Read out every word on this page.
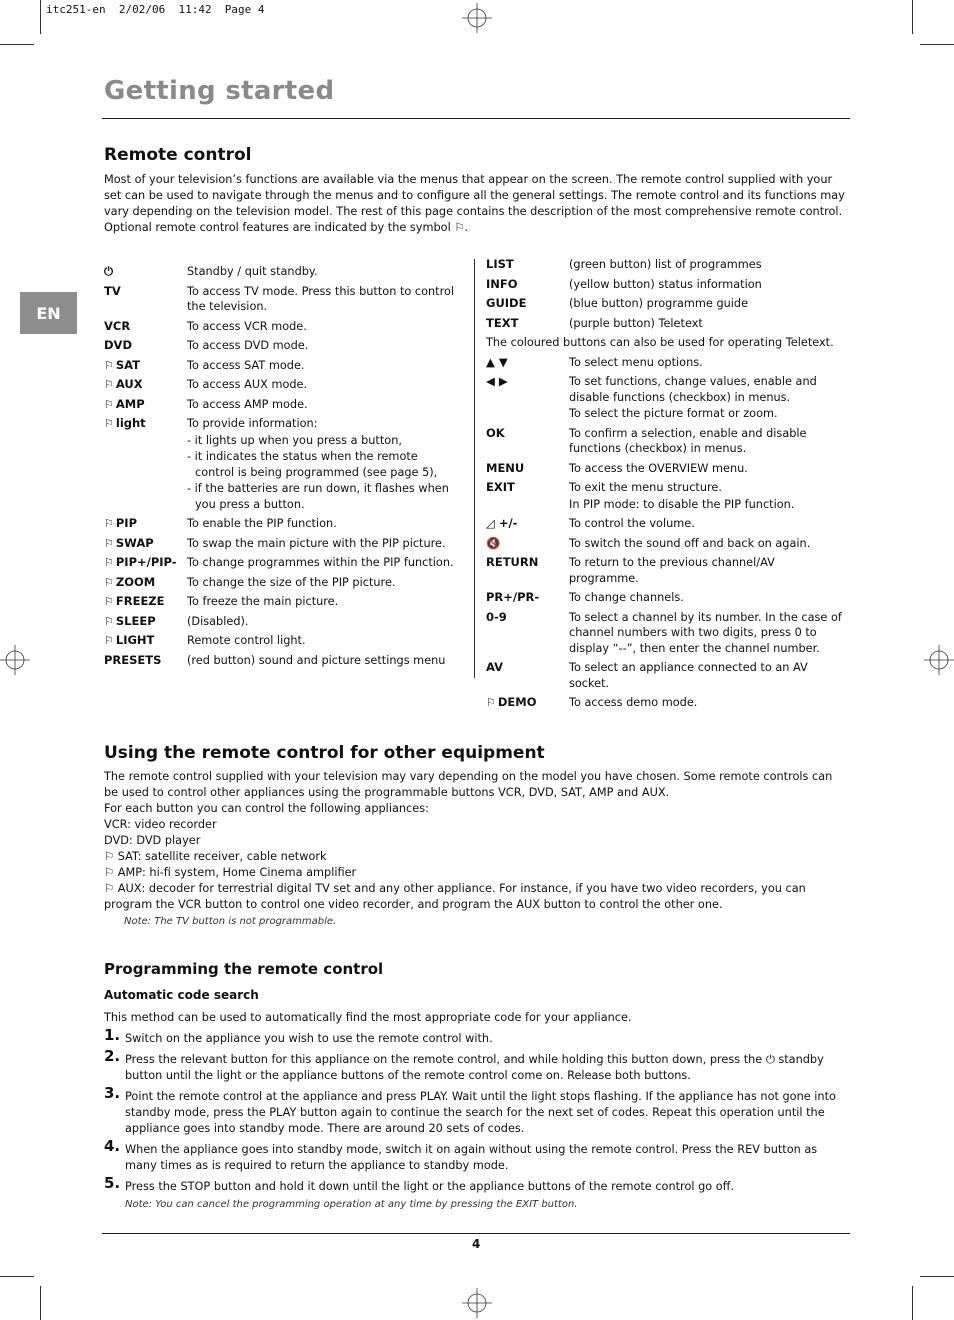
itc251-en  2/02/06  11:42  Page 4
Getting started
EN
Remote control
Most of your television’s functions are available via the menus that appear on the screen. The remote control supplied with your set can be used to navigate through the menus and to configure all the general settings. The remote control and its functions may vary depending on the television model. The rest of this page contains the description of the most comprehensive remote control. Optional remote control features are indicated by the symbol ⚐.
⏻	Standby / quit standby.
TV	To access TV mode. Press this button to control the television.
VCR	To access VCR mode.
DVD	To access DVD mode.
⚐ SAT	To access SAT mode.
⚐ AUX	To access AUX mode.
⚐ AMP	To access AMP mode.
⚐ light	To provide information:
- it lights up when you press a button,
- it indicates the status when the remote control is being programmed (see page 5),
- if the batteries are run down, it flashes when you press a button.
⚐ PIP	To enable the PIP function.
⚐ SWAP	To swap the main picture with the PIP picture.
⚐ PIP+/PIP- To change programmes within the PIP function.
⚐ ZOOM	To change the size of the PIP picture.
⚐ FREEZE To freeze the main picture.
⚐ SLEEP	(Disabled).
⚐ LIGHT	Remote control light.
PRESETS (red button) sound and picture settings menu
LIST	(green button) list of programmes
INFO	(yellow button) status information
GUIDE	(blue button) programme guide
TEXT	(purple button) Teletext
The coloured buttons can also be used for operating Teletext.
▲ ▼	To select menu options.
◀ ▶	To set functions, change values, enable and disable functions (checkbox) in menus.
To select the picture format or zoom.
OK	To confirm a selection, enable and disable functions (checkbox) in menus.
MENU	To access the OVERVIEW menu.
EXIT	To exit the menu structure.
In PIP mode: to disable the PIP function.
◿ +/-	To control the volume.
🔇	To switch the sound off and back on again.
RETURN	To return to the previous channel/AV programme.
PR+/PR-	To change channels.
0-9	To select a channel by its number. In the case of channel numbers with two digits, press 0 to display “--”, then enter the channel number.
AV	To select an appliance connected to an AV socket.
⚐ DEMO	To access demo mode.
Using the remote control for other equipment
The remote control supplied with your television may vary depending on the model you have chosen. Some remote controls can be used to control other appliances using the programmable buttons VCR, DVD, SAT, AMP and AUX.
For each button you can control the following appliances:
VCR: video recorder
DVD: DVD player
⚐ SAT: satellite receiver, cable network
⚐ AMP: hi-fi system, Home Cinema amplifier
⚐ AUX: decoder for terrestrial digital TV set and any other appliance. For instance, if you have two video recorders, you can program the VCR button to control one video recorder, and program the AUX button to control the other one.
Note: The TV button is not programmable.
Programming the remote control
Automatic code search
This method can be used to automatically find the most appropriate code for your appliance.
1. Switch on the appliance you wish to use the remote control with.
2. Press the relevant button for this appliance on the remote control, and while holding this button down, press the ⏻ standby button until the light or the appliance buttons of the remote control come on. Release both buttons.
3. Point the remote control at the appliance and press PLAY. Wait until the light stops flashing. If the appliance has not gone into standby mode, press the PLAY button again to continue the search for the next set of codes. Repeat this operation until the appliance goes into standby mode. There are around 20 sets of codes.
4. When the appliance goes into standby mode, switch it on again without using the remote control. Press the REV button as many times as is required to return the appliance to standby mode.
5. Press the STOP button and hold it down until the light or the appliance buttons of the remote control go off.
Note: You can cancel the programming operation at any time by pressing the EXIT button.
4
